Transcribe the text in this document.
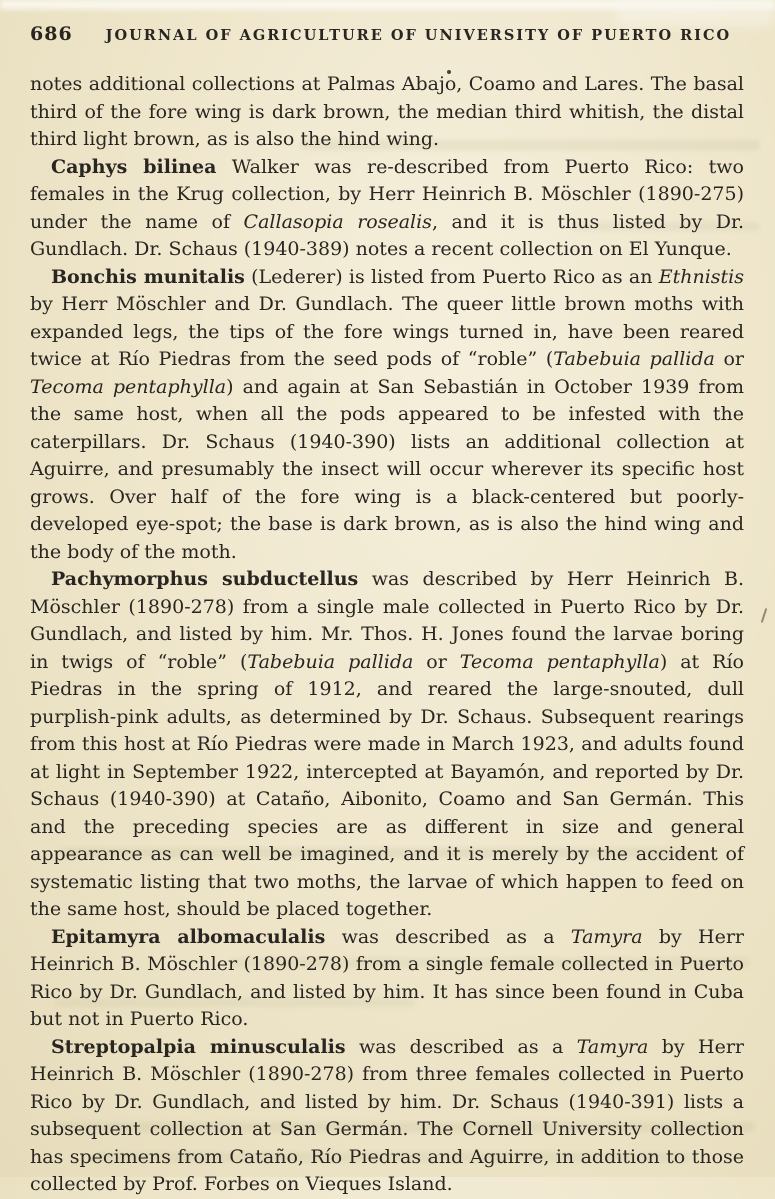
686 JOURNAL OF AGRICULTURE OF UNIVERSITY OF PUERTO RICO

notes additional collections at Palmas Abajo, Coamo and Lares. The basal third of the fore wing is dark brown, the median third whitish, the distal third light brown, as is also the hind wing.

Caphys bilinea Walker was re-described from Puerto Rico: two females in the Krug collection, by Herr Heinrich B. Möschler (1890-275) under the name of Callasopia rosealis, and it is thus listed by Dr. Gundlach. Dr. Schaus (1940-389) notes a recent collection on El Yunque.

Bonchis munitalis (Lederer) is listed from Puerto Rico as an Ethnistis by Herr Möschler and Dr. Gundlach. The queer little brown moths with expanded legs, the tips of the fore wings turned in, have been reared twice at Río Piedras from the seed pods of “roble” (Tabebuia pallida or Tecoma pentaphylla) and again at San Sebastián in October 1939 from the same host, when all the pods appeared to be infested with the caterpillars. Dr. Schaus (1940-390) lists an additional collection at Aguirre, and presumably the insect will occur wherever its specific host grows. Over half of the fore wing is a black-centered but poorly-developed eye-spot; the base is dark brown, as is also the hind wing and the body of the moth.

Pachymorphus subductellus was described by Herr Heinrich B. Möschler (1890-278) from a single male collected in Puerto Rico by Dr. Gundlach, and listed by him. Mr. Thos. H. Jones found the larvae boring in twigs of “roble” (Tabebuia pallida or Tecoma pentaphylla) at Río Piedras in the spring of 1912, and reared the large-snouted, dull purplish-pink adults, as determined by Dr. Schaus. Subsequent rearings from this host at Río Piedras were made in March 1923, and adults found at light in September 1922, intercepted at Bayamón, and reported by Dr. Schaus (1940-390) at Cataño, Aibonito, Coamo and San Germán. This and the preceding species are as different in size and general appearance as can well be imagined, and it is merely by the accident of systematic listing that two moths, the larvae of which happen to feed on the same host, should be placed together.

Epitamyra albomaculalis was described as a Tamyra by Herr Heinrich B. Möschler (1890-278) from a single female collected in Puerto Rico by Dr. Gundlach, and listed by him. It has since been found in Cuba but not in Puerto Rico.

Streptopalpia minusculalis was described as a Tamyra by Herr Heinrich B. Möschler (1890-278) from three females collected in Puerto Rico by Dr. Gundlach, and listed by him. Dr. Schaus (1940-391) lists a subsequent collection at San Germán. The Cornell University collection has specimens from Cataño, Río Piedras and Aguirre, in addition to those collected by Prof. Forbes on Vieques Island.
